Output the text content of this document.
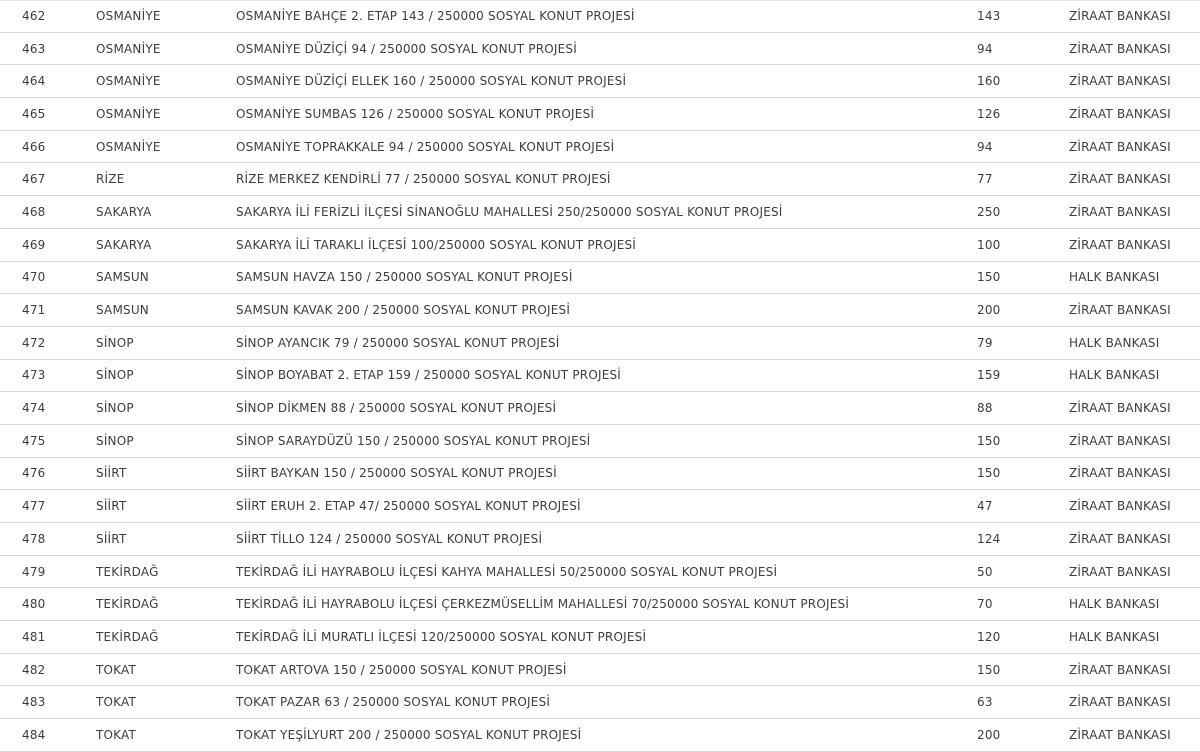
462	OSMANİYE	OSMANİYE BAHÇE 2. ETAP 143 / 250000 SOSYAL KONUT PROJESİ	143	ZİRAAT BANKASI
463	OSMANİYE	OSMANİYE DÜZİÇİ 94 / 250000 SOSYAL KONUT PROJESİ	94	ZİRAAT BANKASI
464	OSMANİYE	OSMANİYE DÜZİÇİ ELLEK 160 / 250000 SOSYAL KONUT PROJESİ	160	ZİRAAT BANKASI
465	OSMANİYE	OSMANİYE SUMBAS 126 / 250000 SOSYAL KONUT PROJESİ	126	ZİRAAT BANKASI
466	OSMANİYE	OSMANİYE TOPRAKKALE 94 / 250000 SOSYAL KONUT PROJESİ	94	ZİRAAT BANKASI
467	RİZE	RİZE MERKEZ KENDİRLİ 77 / 250000 SOSYAL KONUT PROJESİ	77	ZİRAAT BANKASI
468	SAKARYA	SAKARYA İLİ FERİZLİ İLÇESİ SİNANOĞLU MAHALLESİ 250/250000 SOSYAL KONUT PROJESİ	250	ZİRAAT BANKASI
469	SAKARYA	SAKARYA İLİ TARAKLI İLÇESİ 100/250000 SOSYAL KONUT PROJESİ	100	ZİRAAT BANKASI
470	SAMSUN	SAMSUN HAVZA 150 / 250000 SOSYAL KONUT PROJESİ	150	HALK BANKASI
471	SAMSUN	SAMSUN KAVAK 200 / 250000 SOSYAL KONUT PROJESİ	200	ZİRAAT BANKASI
472	SİNOP	SİNOP AYANCIK 79 / 250000 SOSYAL KONUT PROJESİ	79	HALK BANKASI
473	SİNOP	SİNOP BOYABAT 2. ETAP 159 / 250000 SOSYAL KONUT PROJESİ	159	HALK BANKASI
474	SİNOP	SİNOP DİKMEN 88 / 250000 SOSYAL KONUT PROJESİ	88	ZİRAAT BANKASI
475	SİNOP	SİNOP SARAYDÜZÜ 150 / 250000 SOSYAL KONUT PROJESİ	150	ZİRAAT BANKASI
476	SİİRT	SİİRT BAYKAN 150 / 250000 SOSYAL KONUT PROJESİ	150	ZİRAAT BANKASI
477	SİİRT	SİİRT ERUH 2. ETAP 47/ 250000 SOSYAL KONUT PROJESİ	47	ZİRAAT BANKASI
478	SİİRT	SİİRT TİLLO 124 / 250000 SOSYAL KONUT PROJESİ	124	ZİRAAT BANKASI
479	TEKİRDAĞ	TEKİRDAĞ İLİ HAYRABOLU İLÇESİ KAHYA MAHALLESİ 50/250000 SOSYAL KONUT PROJESİ	50	ZİRAAT BANKASI
480	TEKİRDAĞ	TEKİRDAĞ İLİ HAYRABOLU İLÇESİ ÇERKEZMÜSELLİM MAHALLESİ 70/250000 SOSYAL KONUT PROJESİ	70	HALK BANKASI
481	TEKİRDAĞ	TEKİRDAĞ İLİ MURATLI İLÇESİ 120/250000 SOSYAL KONUT PROJESİ	120	HALK BANKASI
482	TOKAT	TOKAT ARTOVA 150 / 250000 SOSYAL KONUT PROJESİ	150	ZİRAAT BANKASI
483	TOKAT	TOKAT PAZAR 63 / 250000 SOSYAL KONUT PROJESİ	63	ZİRAAT BANKASI
484	TOKAT	TOKAT YEŞİLYURT 200 / 250000 SOSYAL KONUT PROJESİ	200	ZİRAAT BANKASI
